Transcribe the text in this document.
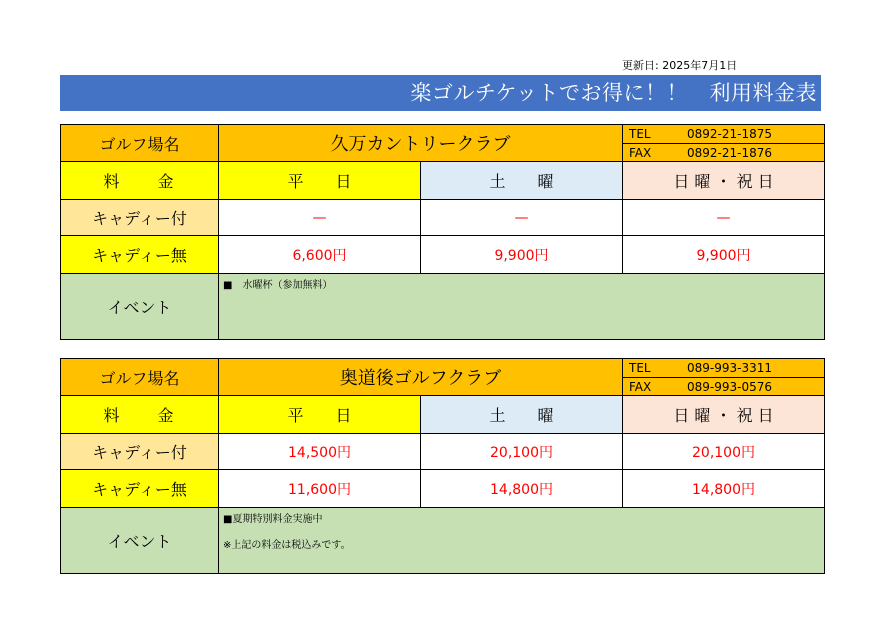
更新日: 2025年7月1日
楽ゴルチケットでお得に！！　利用料金表
ゴルフ場名	久万カントリークラブ		TEL 0892-21-1875
			FAX 0892-21-1876
料　　金	平　　日	土　　曜	日 曜 ・ 祝 日
キャディー付	—	—	—
キャディー無	6,600円	9,900円	9,900円
イベント	■　水曜杯（参加無料）		
ゴルフ場名	奥道後ゴルフクラブ		TEL 089-993-3311
			FAX 089-993-0576
料　　金	平　　日	土　　曜	日 曜 ・ 祝 日
キャディー付	14,500円	20,100円	20,100円
キャディー無	11,600円	14,800円	14,800円
イベント	■夏期特別料金実施中
※上記の料金は税込みです。		
